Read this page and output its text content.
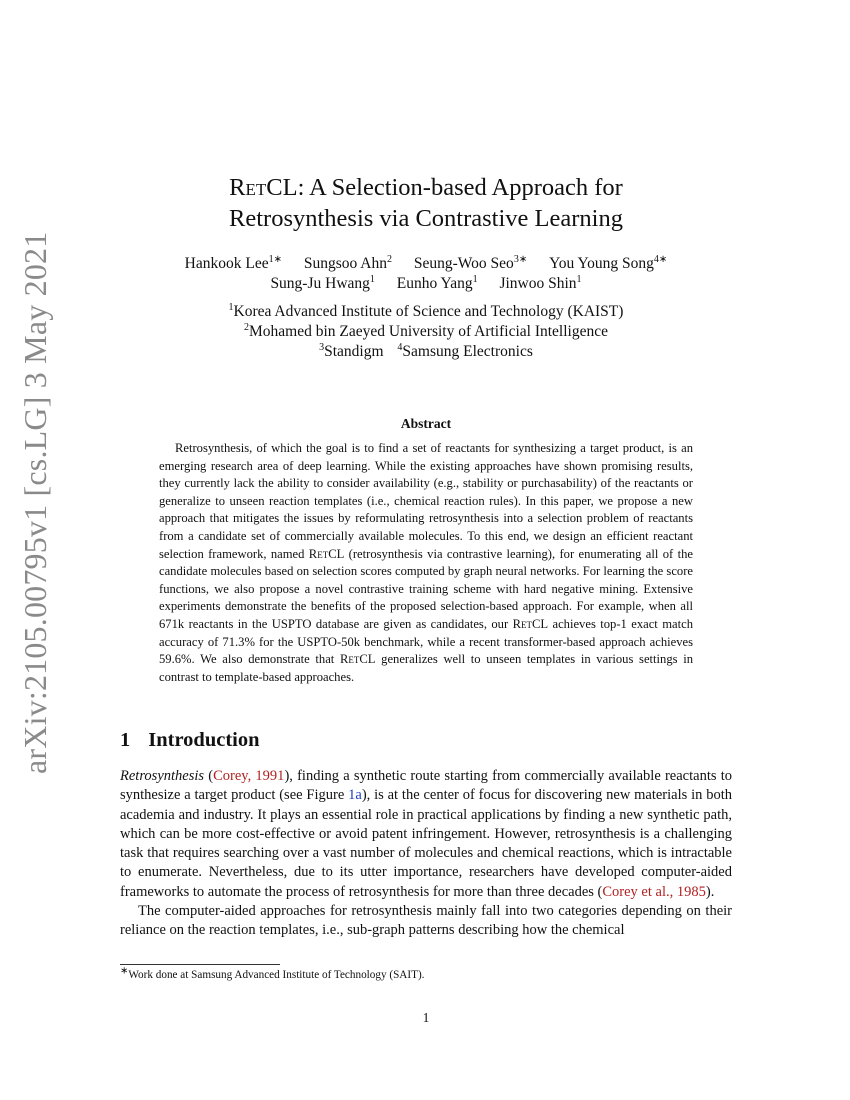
arXiv:2105.00795v1 [cs.LG] 3 May 2021
RetCL: A Selection-based Approach for
Retrosynthesis via Contrastive Learning
Hankook Lee$^{1∗}$ Sungsoo Ahn$^2$ Seung-Woo Seo$^{3∗}$ You Young Song$^{4∗}$
Sung-Ju Hwang$^1$ Eunho Yang$^1$ Jinwoo Shin$^1$
$^1$Korea Advanced Institute of Science and Technology (KAIST)
$^2$Mohamed bin Zaeyed University of Artificial Intelligence
$^3$Standigm $^4$Samsung Electronics
Abstract
Retrosynthesis, of which the goal is to find a set of reactants for synthesizing a target product, is an emerging research area of deep learning. While the existing approaches have shown promising results, they currently lack the ability to consider availability (e.g., stability or purchasability) of the reactants or generalize to unseen reaction templates (i.e., chemical reaction rules). In this paper, we propose a new approach that mitigates the issues by reformulating retrosynthesis into a selection problem of reactants from a candidate set of commercially available molecules. To this end, we design an efficient reactant selection framework, named RetCL (retrosynthesis via contrastive learning), for enumerating all of the candidate molecules based on selection scores computed by graph neural networks. For learning the score functions, we also propose a novel contrastive training scheme with hard negative mining. Extensive experiments demonstrate the benefits of the proposed selection-based approach. For example, when all 671k reactants in the USPTO database are given as candidates, our RetCL achieves top-1 exact match accuracy of 71.3% for the USPTO-50k benchmark, while a recent transformer-based approach achieves 59.6%. We also demonstrate that RetCL generalizes well to unseen templates in various settings in contrast to template-based approaches.
1 Introduction

Retrosynthesis (Corey, 1991), finding a synthetic route starting from commercially available reactants to synthesize a target product (see Figure 1a), is at the center of focus for discovering new materials in both academia and industry. It plays an essential role in practical applications by finding a new synthetic path, which can be more cost-effective or avoid patent infringement. However, retrosynthesis is a challenging task that requires searching over a vast number of molecules and chemical reactions, which is intractable to enumerate. Nevertheless, due to its utter importance, researchers have developed computer-aided frameworks to automate the process of retrosynthesis for more than three decades (Corey et al., 1985).

The computer-aided approaches for retrosynthesis mainly fall into two categories depending on their reliance on the reaction templates, i.e., sub-graph patterns describing how the chemical

∗Work done at Samsung Advanced Institute of Technology (SAIT).
1
